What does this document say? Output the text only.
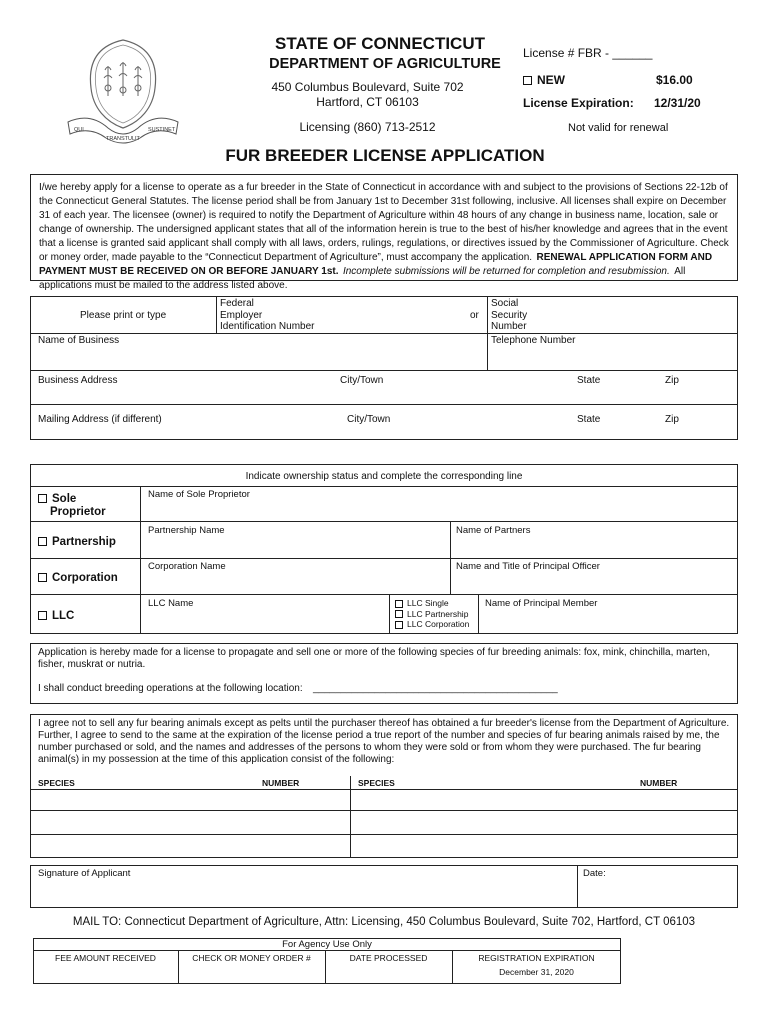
QUI
TRANSTULIT
SUSTINET
STATE OF CONNECTICUT
DEPARTMENT OF AGRICULTURE
450 Columbus Boulevard, Suite 702
Hartford, CT 06103
Licensing (860) 713-2512
License # FBR - ______
NEW	$16.00
License Expiration: 12/31/20
Not valid for renewal
FUR BREEDER LICENSE APPLICATION
I/we hereby apply for a license to operate as a fur breeder in the State of Connecticut in accordance with and subject to the provisions of Sections 22-12b of the Connecticut General Statutes. The license period shall be from January 1st to December 31st following, inclusive. All licenses shall expire on December 31 of each year. The licensee (owner) is required to notify the Department of Agriculture within 48 hours of any change in business name, location, sale or change of ownership. The undersigned applicant states that all of the information herein is true to the best of his/her knowledge and agrees that in the event that a license is granted said applicant shall comply with all laws, orders, rulings, regulations, or directives issued by the Commissioner of Agriculture. Check or money order, made payable to the “Connecticut Department of Agriculture”, must accompany the application. RENEWAL APPLICATION FORM AND PAYMENT MUST BE RECEIVED ON OR BEFORE JANUARY 1st. Incomplete submissions will be returned for completion and resubmission. All applications must be mailed to the address listed above.
Please print or type
Federal
Employer
Identification Number
or
Social
Security
Number
Name of Business	Telephone Number
Business Address	City/Town	State	Zip
Mailing Address (if different)	City/Town	State	Zip
Indicate ownership status and complete the corresponding line
Sole
Proprietor
Name of Sole Proprietor
Partnership
Partnership Name	Name of Partners
Corporation
Corporation Name	Name and Title of Principal Officer
LLC
LLC Name	LLC Single
LLC Partnership
LLC Corporation
Name of Principal Member
Application is hereby made for a license to propagate and sell one or more of the following species of fur breeding animals: fox, mink, chinchilla, marten, fisher, muskrat or nutria.
I shall conduct breeding operations at the following location: ____________________________________________
I agree not to sell any fur bearing animals except as pelts until the purchaser thereof has obtained a fur breeder's license from the Department of Agriculture. Further, I agree to send to the same at the expiration of the license period a true report of the number and species of fur bearing animals raised by me, the number purchased or sold, and the names and addresses of the persons to whom they were sold or from whom they were purchased. The fur bearing animal(s) in my possession at the time of this application consist of the following:
SPECIES	NUMBER	SPECIES	NUMBER
Signature of Applicant	Date:
MAIL TO: Connecticut Department of Agriculture, Attn: Licensing, 450 Columbus Boulevard, Suite 702, Hartford, CT 06103
For Agency Use Only
FEE AMOUNT RECEIVED	CHECK OR MONEY ORDER #	DATE PROCESSED	REGISTRATION EXPIRATION
December 31, 2020
